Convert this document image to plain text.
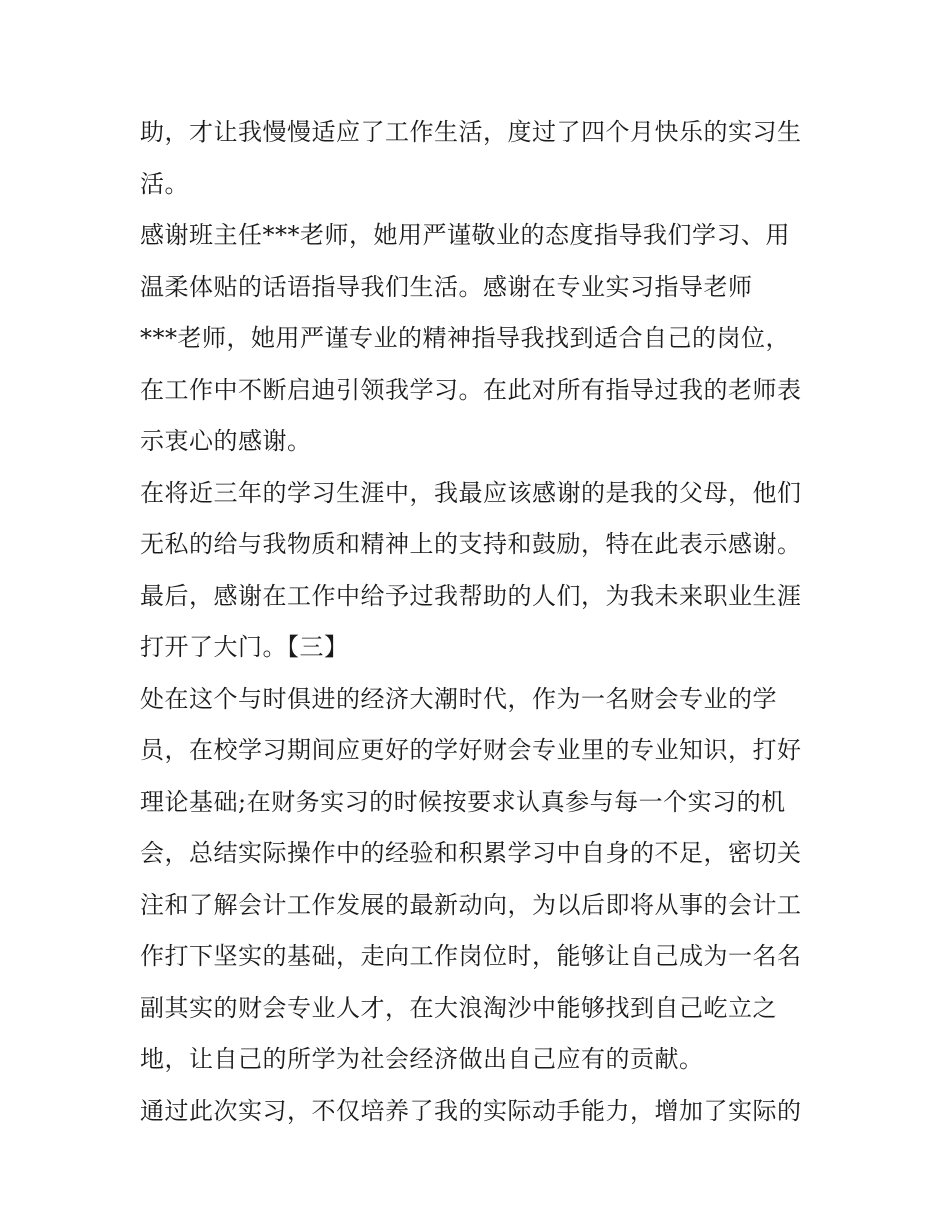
助，才让我慢慢适应了工作生活，度过了四个月快乐的实习生
活。
感谢班主任***老师，她用严谨敬业的态度指导我们学习、用
温柔体贴的话语指导我们生活。感谢在专业实习指导老师
***老师，她用严谨专业的精神指导我找到适合自己的岗位，
在工作中不断启迪引领我学习。在此对所有指导过我的老师表
示衷心的感谢。
在将近三年的学习生涯中，我最应该感谢的是我的父母，他们
无私的给与我物质和精神上的支持和鼓励，特在此表示感谢。
最后，感谢在工作中给予过我帮助的人们，为我未来职业生涯
打开了大门。【三】
处在这个与时俱进的经济大潮时代，作为一名财会专业的学
员，在校学习期间应更好的学好财会专业里的专业知识，打好
理论基础;在财务实习的时候按要求认真参与每一个实习的机
会，总结实际操作中的经验和积累学习中自身的不足，密切关
注和了解会计工作发展的最新动向，为以后即将从事的会计工
作打下坚实的基础，走向工作岗位时，能够让自己成为一名名
副其实的财会专业人才，在大浪淘沙中能够找到自己屹立之
地，让自己的所学为社会经济做出自己应有的贡献。
通过此次实习，不仅培养了我的实际动手能力，增加了实际的
